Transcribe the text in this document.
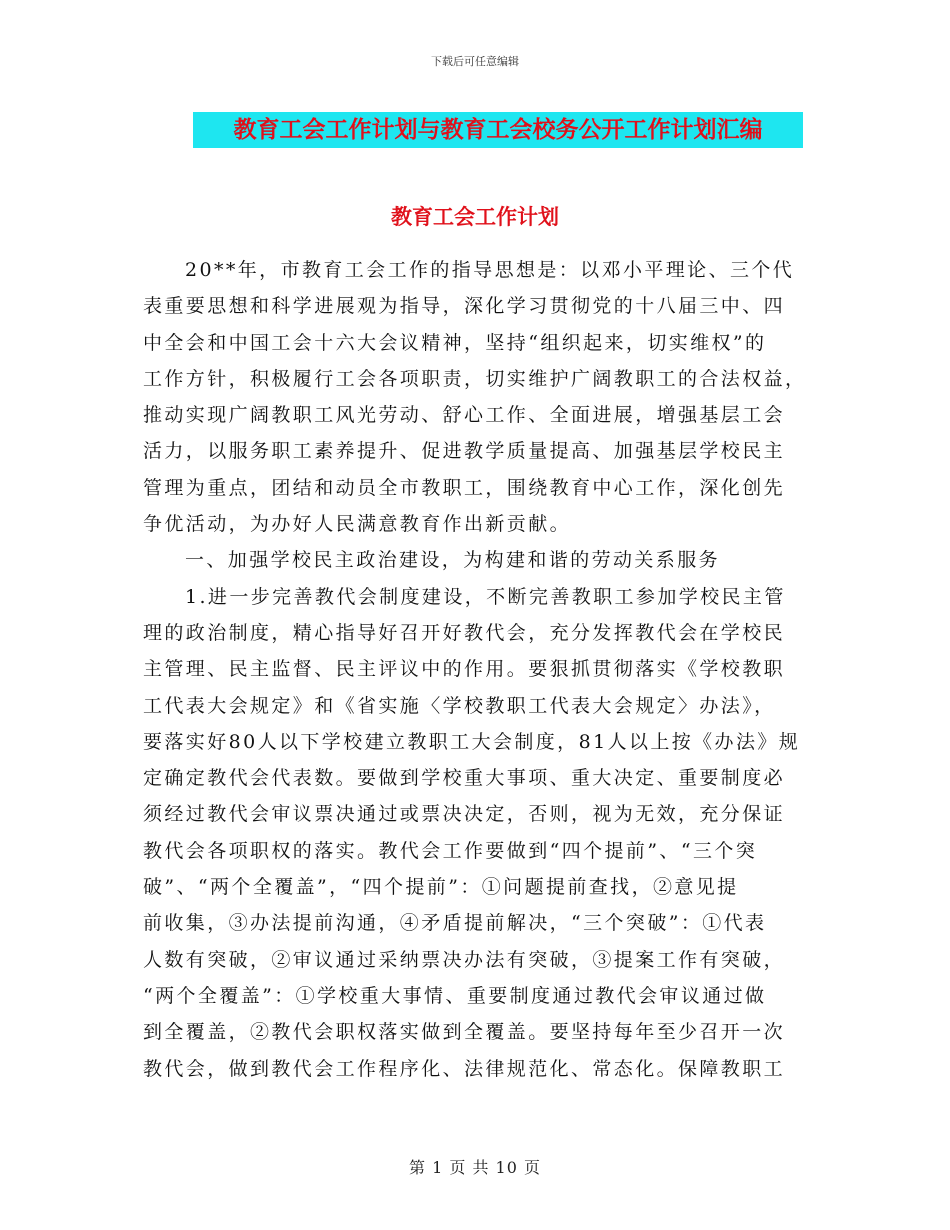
下载后可任意编辑
教育工会工作计划与教育工会校务公开工作计划汇编
教育工会工作计划
20**年，市教育工会工作的指导思想是：以邓小平理论、三个代
表重要思想和科学进展观为指导，深化学习贯彻党的十八届三中、四
中全会和中国工会十六大会议精神，坚持“组织起来，切实维权”的
工作方针，积极履行工会各项职责，切实维护广阔教职工的合法权益，
推动实现广阔教职工风光劳动、舒心工作、全面进展，增强基层工会
活力，以服务职工素养提升、促进教学质量提高、加强基层学校民主
管理为重点，团结和动员全市教职工，围绕教育中心工作，深化创先
争优活动，为办好人民满意教育作出新贡献。
一、加强学校民主政治建设，为构建和谐的劳动关系服务
1.进一步完善教代会制度建设，不断完善教职工参加学校民主管
理的政治制度，精心指导好召开好教代会，充分发挥教代会在学校民
主管理、民主监督、民主评议中的作用。要狠抓贯彻落实《学校教职
工代表大会规定》和《省实施〈学校教职工代表大会规定〉办法》，
要落实好80人以下学校建立教职工大会制度，81人以上按《办法》规
定确定教代会代表数。要做到学校重大事项、重大决定、重要制度必
须经过教代会审议票决通过或票决决定，否则，视为无效，充分保证
教代会各项职权的落实。教代会工作要做到“四个提前”、“三个突
破”、“两个全覆盖”，“四个提前”：①问题提前查找，②意见提
前收集，③办法提前沟通，④矛盾提前解决，“三个突破”：①代表
人数有突破，②审议通过采纳票决办法有突破，③提案工作有突破，
“两个全覆盖”：①学校重大事情、重要制度通过教代会审议通过做
到全覆盖，②教代会职权落实做到全覆盖。要坚持每年至少召开一次
教代会，做到教代会工作程序化、法律规范化、常态化。保障教职工
第 1 页 共 10 页
